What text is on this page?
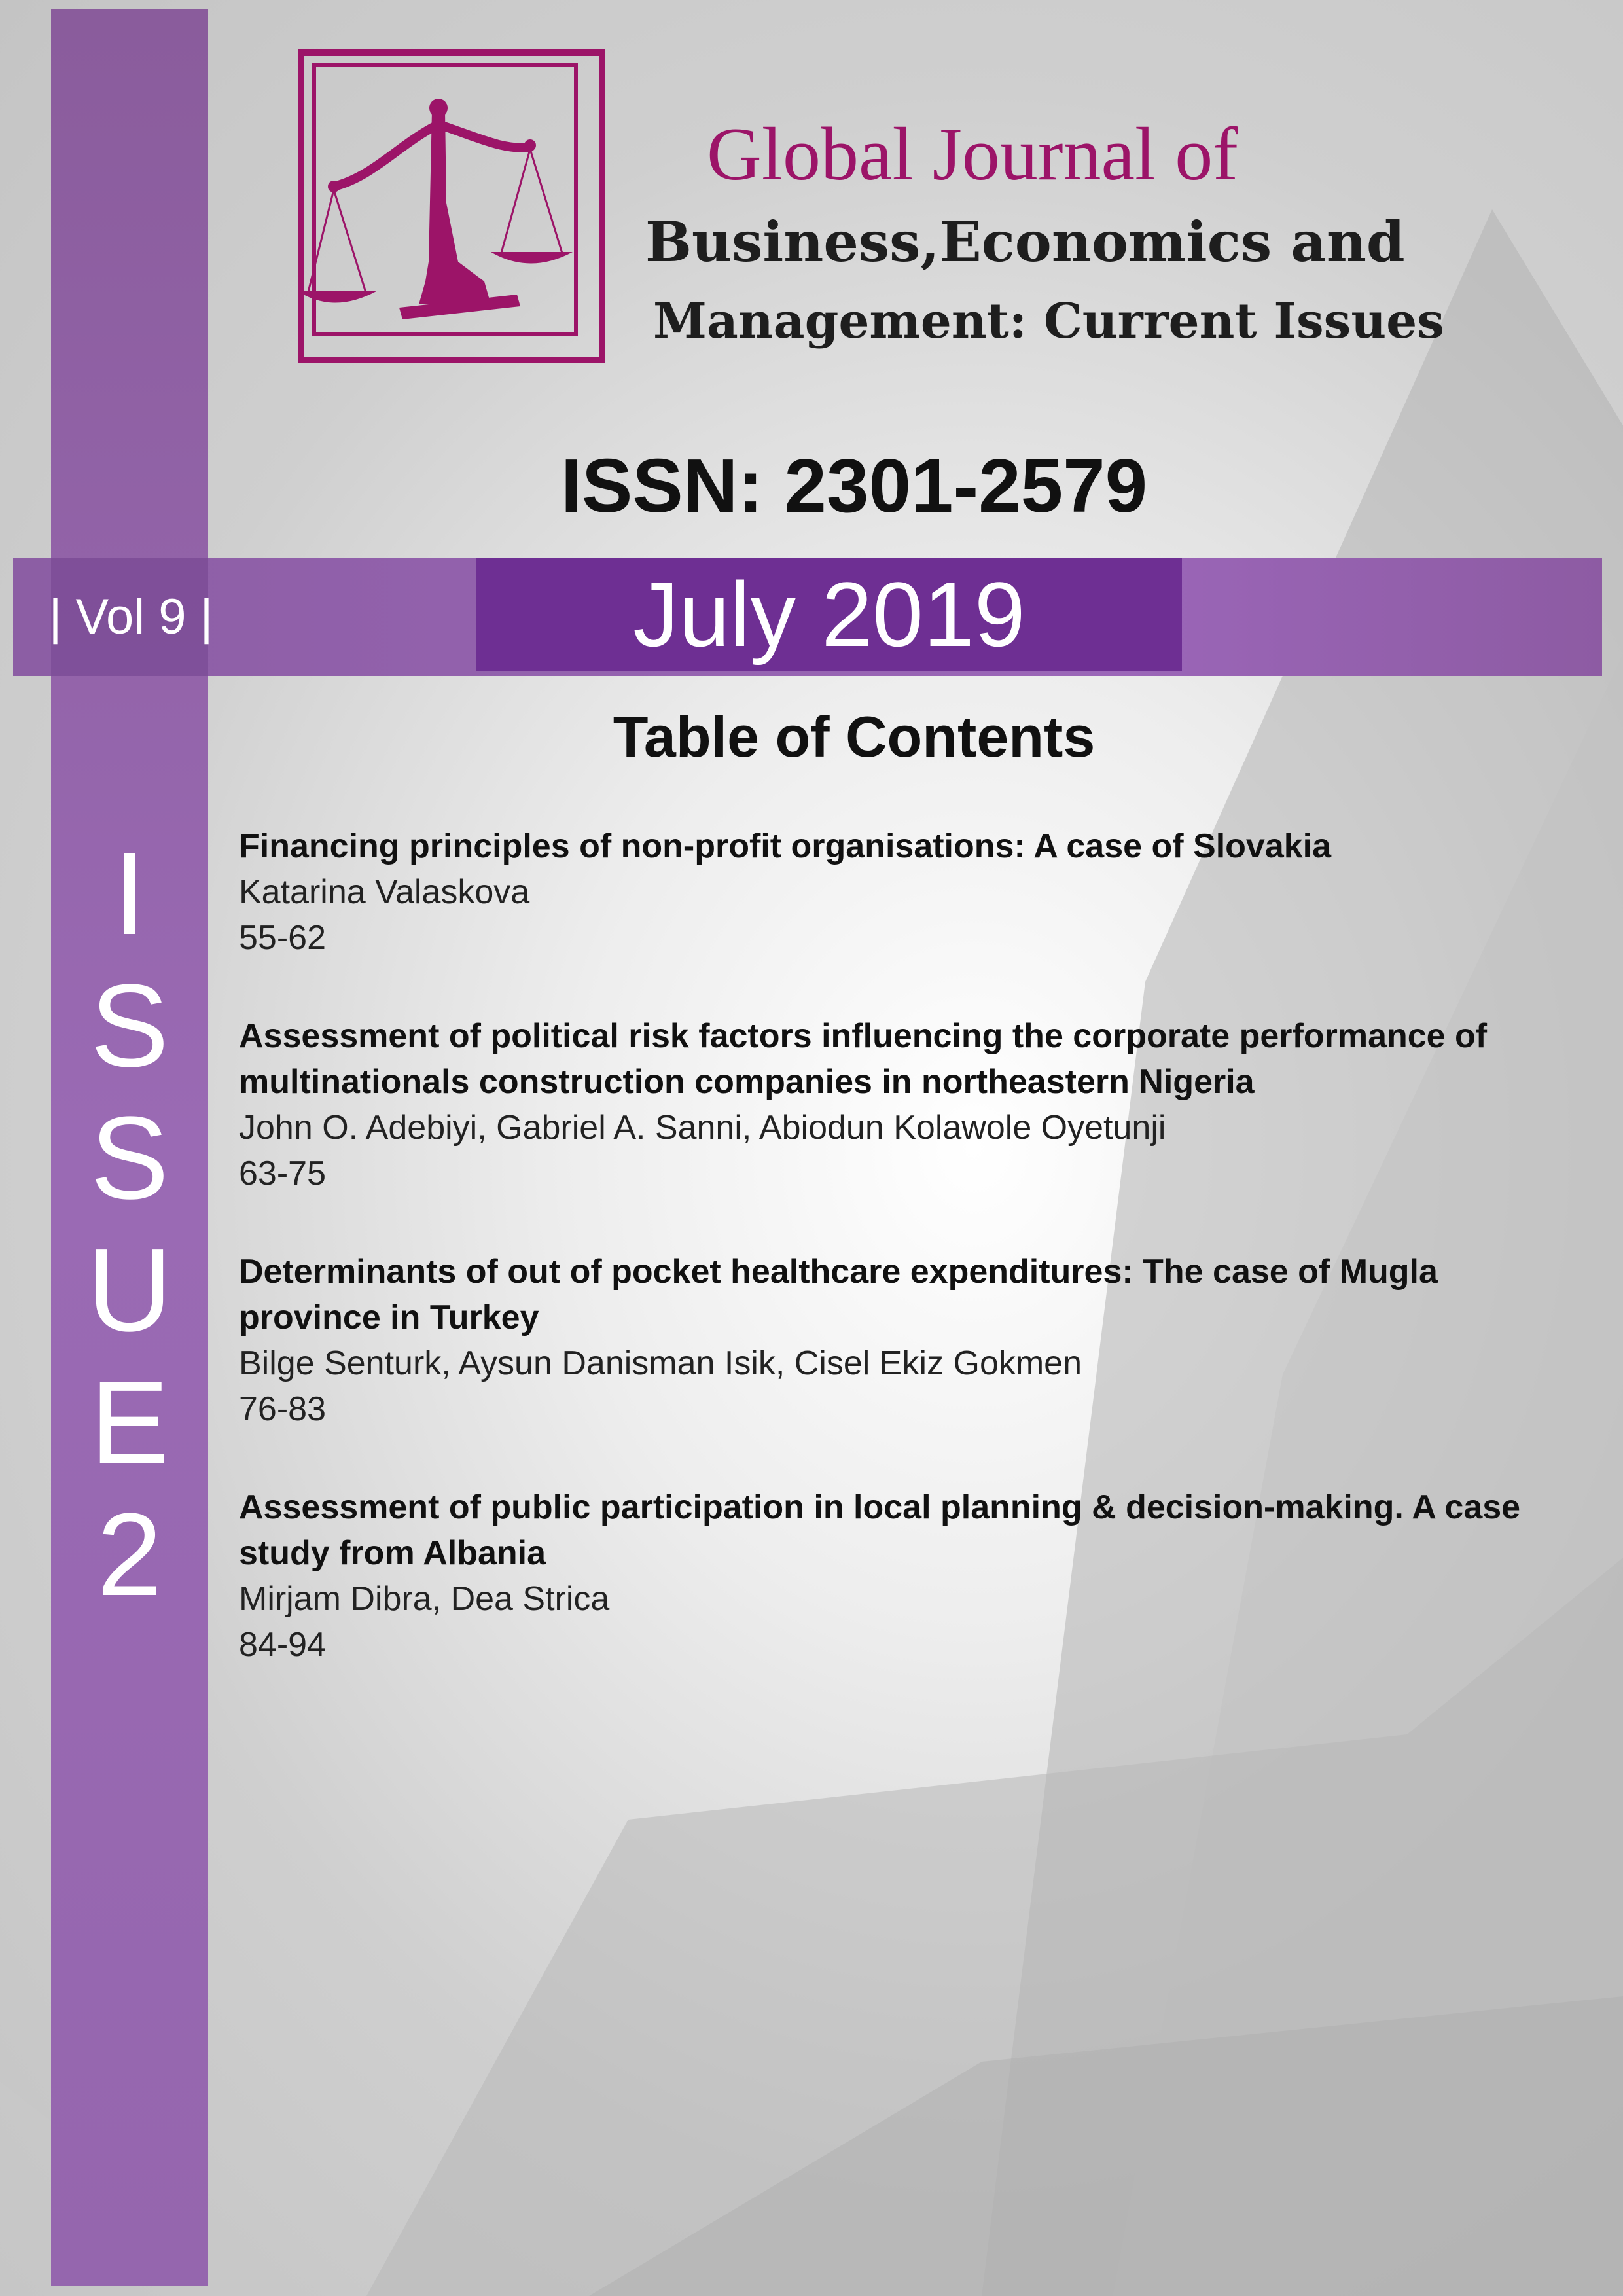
| Vol 9 |	July 2019
Global Journal of
Business,Economics and
Management: Current Issues
ISSN: 2301-2579
Table of Contents
I
S
S
U
E
2
Financing principles of non-profit organisations: A case of Slovakia
Katarina Valaskova
55-62
Assessment of political risk factors influencing the corporate performance of multinationals construction companies in northeastern Nigeria
John O. Adebiyi, Gabriel A. Sanni, Abiodun Kolawole Oyetunji
63-75
Determinants of out of pocket healthcare expenditures: The case of Mugla province in Turkey
Bilge Senturk, Aysun Danisman Isik, Cisel Ekiz Gokmen
76-83
Assessment of public participation in local planning & decision-making. A case study from Albania
Mirjam Dibra, Dea Strica
84-94
